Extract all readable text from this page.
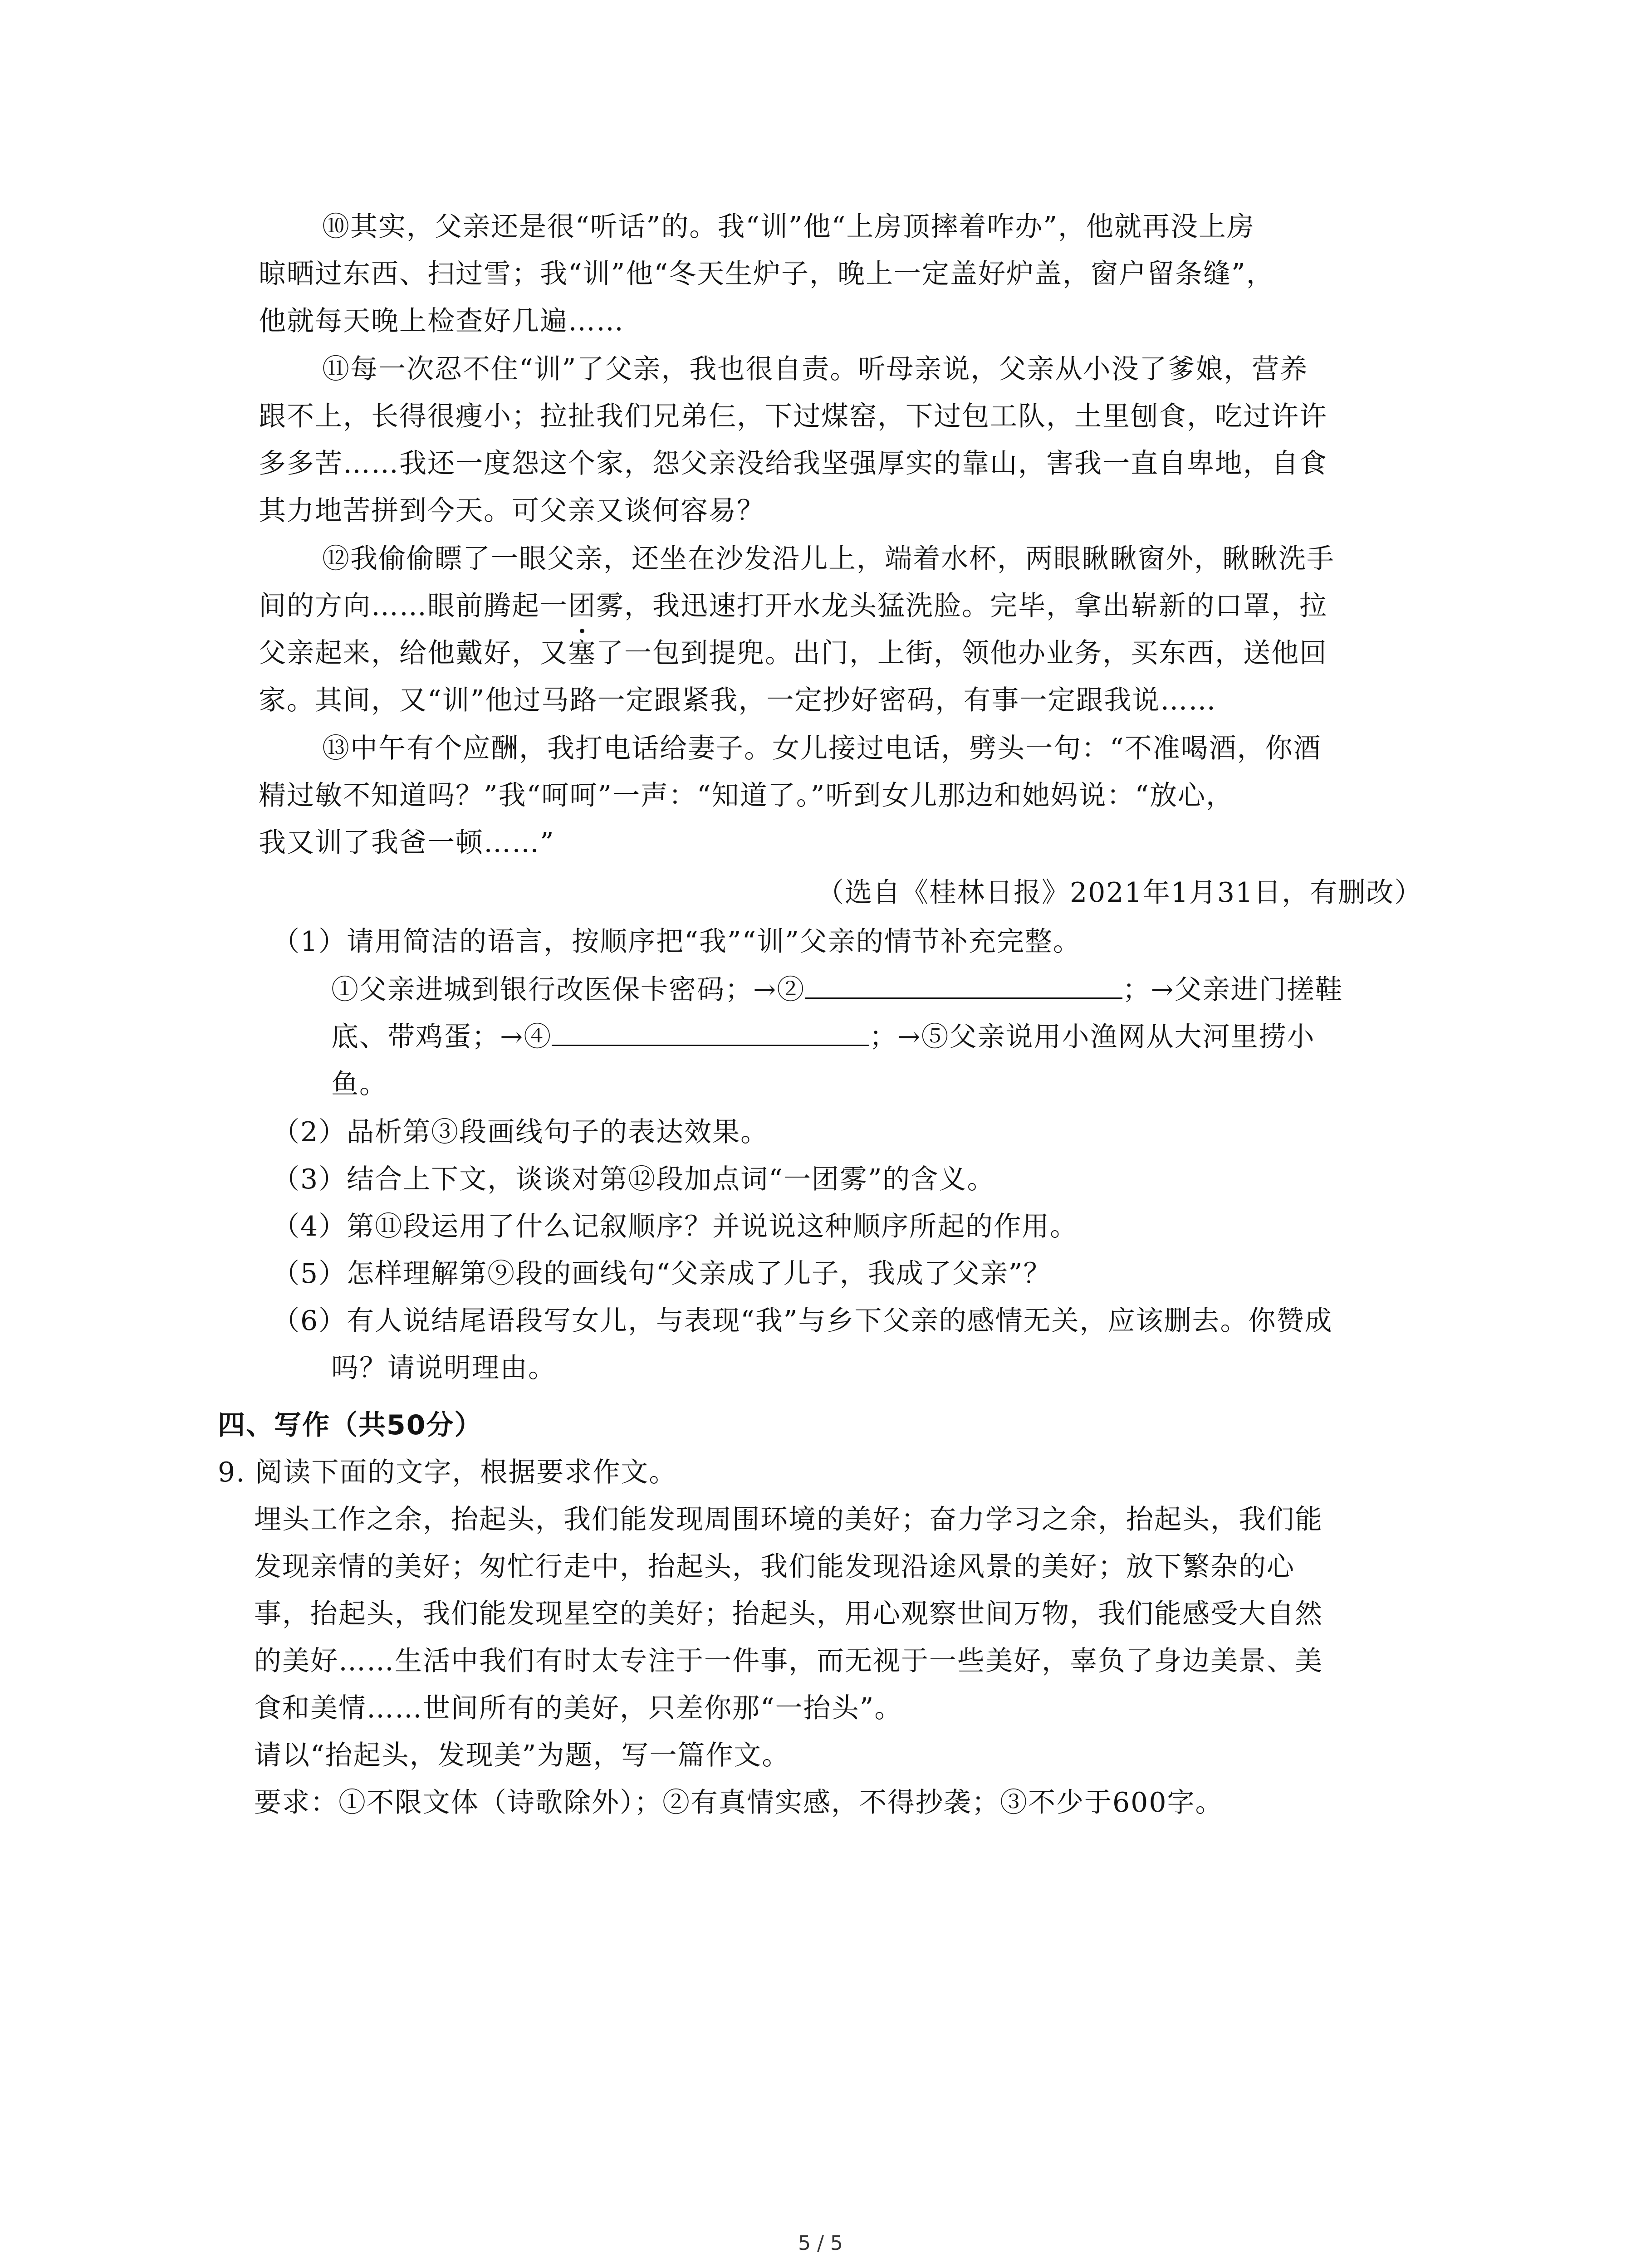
⑩其实，父亲还是很“听话”的。我“训”他“上房顶摔着咋办”，他就再没上房
晾晒过东西、扫过雪；我“训”他“冬天生炉子，晚上一定盖好炉盖，窗户留条缝”，
他就每天晚上检查好几遍……
⑪每一次忍不住“训”了父亲，我也很自责。听母亲说，父亲从小没了爹娘，营养
跟不上，长得很瘦小；拉扯我们兄弟仨，下过煤窑，下过包工队，土里刨食，吃过许许
多多苦……我还一度怨这个家，怨父亲没给我坚强厚实的靠山，害我一直自卑地，自食
其力地苦拼到今天。可父亲又谈何容易？
⑫我偷偷瞟了一眼父亲，还坐在沙发沿儿上，端着水杯，两眼瞅瞅窗外，瞅瞅洗手
间的方向……眼前腾起一团雾，我迅速打开水龙头猛洗脸。完毕，拿出崭新的口罩，拉
父亲起来，给他戴好，又塞了一包到提兜。出门，上街，领他办业务，买东西，送他回
家。其间，又“训”他过马路一定跟紧我，一定抄好密码，有事一定跟我说……
⑬中午有个应酬，我打电话给妻子。女儿接过电话，劈头一句：“不准喝酒，你酒
精过敏不知道吗？”我“呵呵”一声：“知道了。”听到女儿那边和她妈说：“放心，
我又训了我爸一顿……”
（选自《桂林日报》2021年1月31日，有删改）
（1）请用简洁的语言，按顺序把“我”“训”父亲的情节补充完整。
①父亲进城到银行改医保卡密码；→②	；→父亲进门搓鞋
底、带鸡蛋；→④	；→⑤父亲说用小渔网从大河里捞小
鱼。
（2）品析第③段画线句子的表达效果。
（3）结合上下文，谈谈对第⑫段加点词“一团雾”的含义。
（4）第⑪段运用了什么记叙顺序？并说说这种顺序所起的作用。
（5）怎样理解第⑨段的画线句“父亲成了儿子，我成了父亲”？
（6）有人说结尾语段写女儿，与表现“我”与乡下父亲的感情无关，应该删去。你赞成
吗？请说明理由。
四、写作（共50分）
9. 阅读下面的文字，根据要求作文。
埋头工作之余，抬起头，我们能发现周围环境的美好；奋力学习之余，抬起头，我们能
发现亲情的美好；匆忙行走中，抬起头，我们能发现沿途风景的美好；放下繁杂的心
事，抬起头，我们能发现星空的美好；抬起头，用心观察世间万物，我们能感受大自然
的美好……生活中我们有时太专注于一件事，而无视于一些美好，辜负了身边美景、美
食和美情……世间所有的美好，只差你那“一抬头”。
请以“抬起头，发现美”为题，写一篇作文。
要求：①不限文体（诗歌除外）；②有真情实感，不得抄袭；③不少于600字。
5 / 5
